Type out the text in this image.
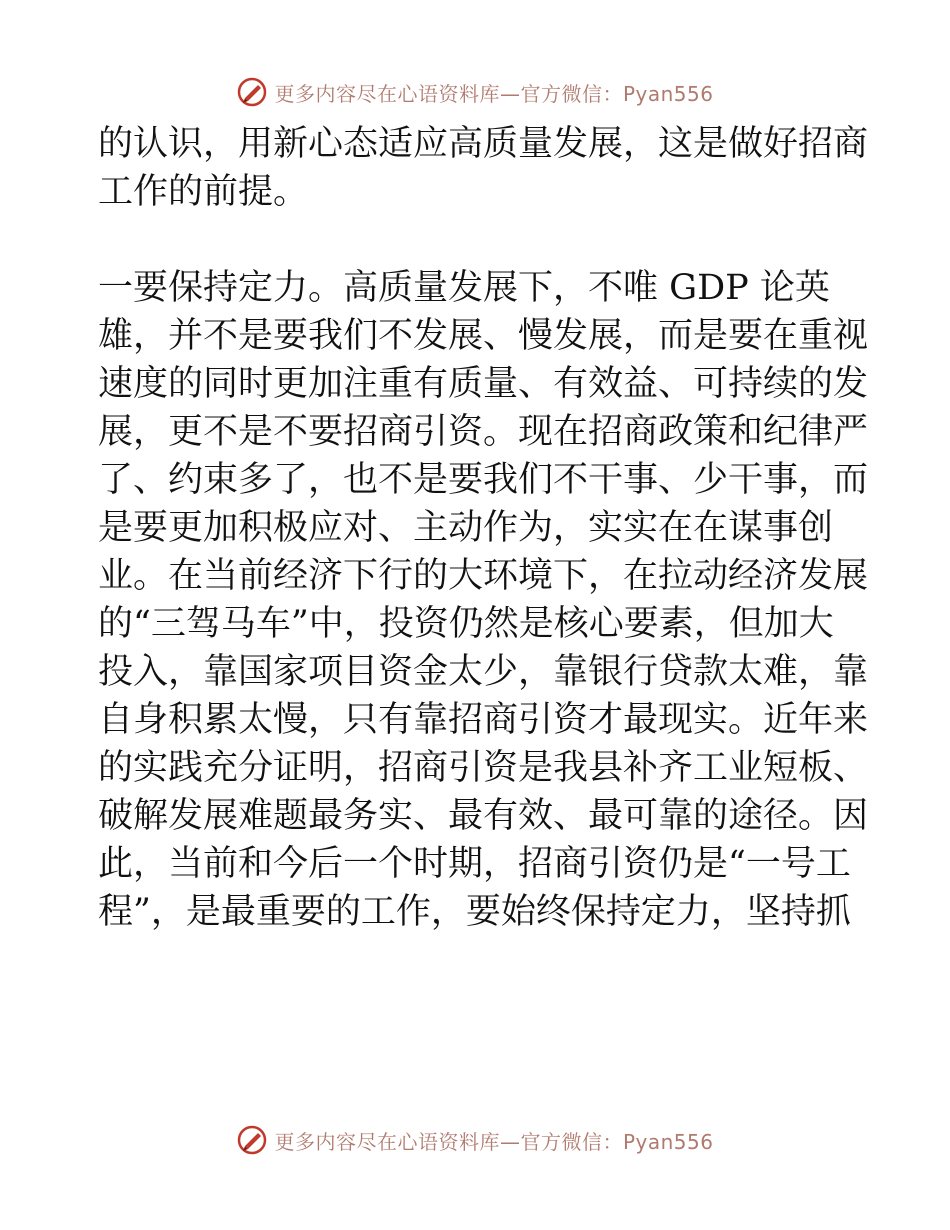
更多内容尽在心语资料库—官方微信：Pyan556
的认识，用新心态适应高质量发展，这是做好招商
工作的前提。
一要保持定力。高质量发展下，不唯 GDP 论英
雄，并不是要我们不发展、慢发展，而是要在重视
速度的同时更加注重有质量、有效益、可持续的发
展，更不是不要招商引资。现在招商政策和纪律严
了、约束多了，也不是要我们不干事、少干事，而
是要更加积极应对、主动作为，实实在在谋事创
业。在当前经济下行的大环境下，在拉动经济发展
的“三驾马车”中，投资仍然是核心要素，但加大
投入，靠国家项目资金太少，靠银行贷款太难，靠
自身积累太慢，只有靠招商引资才最现实。近年来
的实践充分证明，招商引资是我县补齐工业短板、
破解发展难题最务实、最有效、最可靠的途径。因
此，当前和今后一个时期，招商引资仍是“一号工
程”，是最重要的工作，要始终保持定力，坚持抓
更多内容尽在心语资料库—官方微信：Pyan556
